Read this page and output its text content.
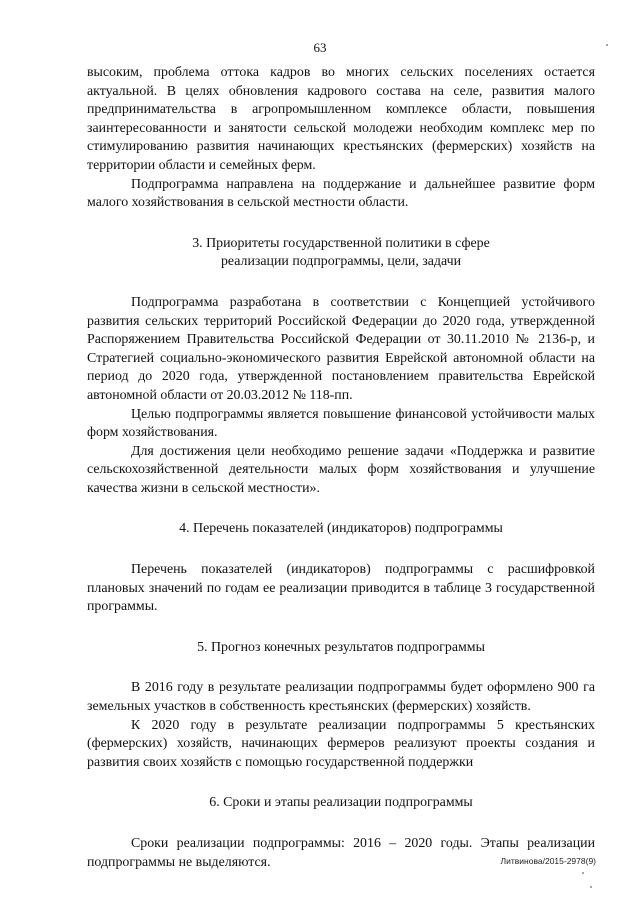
63

высоким, проблема оттока кадров во многих сельских поселениях остается актуальной. В целях обновления кадрового состава на селе, развития малого предпринимательства в агропромышленном комплексе области, повышения заинтересованности и занятости сельской молодежи необходим комплекс мер по стимулированию развития начинающих крестьянских (фермерских) хозяйств на территории области и семейных ферм.

Подпрограмма направлена на поддержание и дальнейшее развитие форм малого хозяйствования в сельской местности области.

3. Приоритеты государственной политики в сфере

реализации подпрограммы, цели, задачи

Подпрограмма разработана в соответствии с Концепцией устойчивого развития сельских территорий Российской Федерации до 2020 года, утвержденной Распоряжением Правительства Российской Федерации от 30.11.2010 № 2136-р, и Стратегией социально-экономического развития Еврейской автономной области на период до 2020 года, утвержденной постановлением правительства Еврейской автономной области от 20.03.2012 № 118-пп.

Целью подпрограммы является повышение финансовой устойчивости малых форм хозяйствования.

Для достижения цели необходимо решение задачи «Поддержка и развитие сельскохозяйственной деятельности малых форм хозяйствования и улучшение качества жизни в сельской местности».

4. Перечень показателей (индикаторов) подпрограммы

Перечень показателей (индикаторов) подпрограммы с расшифровкой плановых значений по годам ее реализации приводится в таблице 3 государственной программы.

5. Прогноз конечных результатов подпрограммы

В 2016 году в результате реализации подпрограммы будет оформлено 900 га земельных участков в собственность крестьянских (фермерских) хозяйств.

К 2020 году в результате реализации подпрограммы 5 крестьянских (фермерских) хозяйств, начинающих фермеров реализуют проекты создания и развития своих хозяйств с помощью государственной поддержки

6. Сроки и этапы реализации подпрограммы

Сроки реализации подпрограммы: 2016 – 2020 годы. Этапы реализации подпрограммы не выделяются.	Литвинова/2015-2978(9)
